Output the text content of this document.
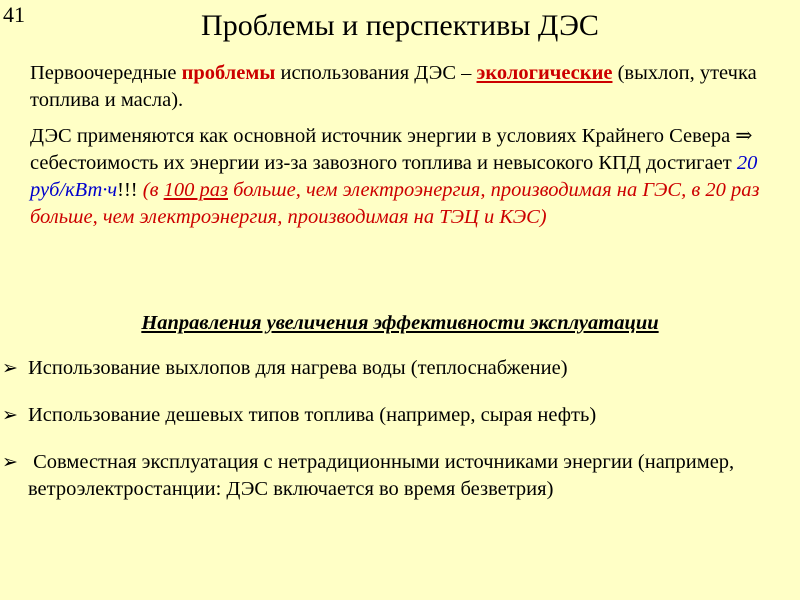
41	Проблемы и перспективы ДЭС

Первоочередные проблемы использования ДЭС – экологические (выхлоп, утечка топлива и масла).

ДЭС применяются как основной источник энергии в условиях Крайнего Севера ⇒ себестоимость их энергии из-за завозного топлива и невысокого КПД достигает 20 руб/кВт·ч!!! (в 100 раз больше, чем электроэнергия, производимая на ГЭС, в 20 раз больше, чем электроэнергия, производимая на ТЭЦ и КЭС)

Направления увеличения эффективности эксплуатации
➢ Использование выхлопов для нагрева воды (теплоснабжение)
➢ Использование дешевых типов топлива (например, сырая нефть)
➢ Совместная эксплуатация с нетрадиционными источниками энергии (например, ветроэлектростанции: ДЭС включается во время безветрия)
